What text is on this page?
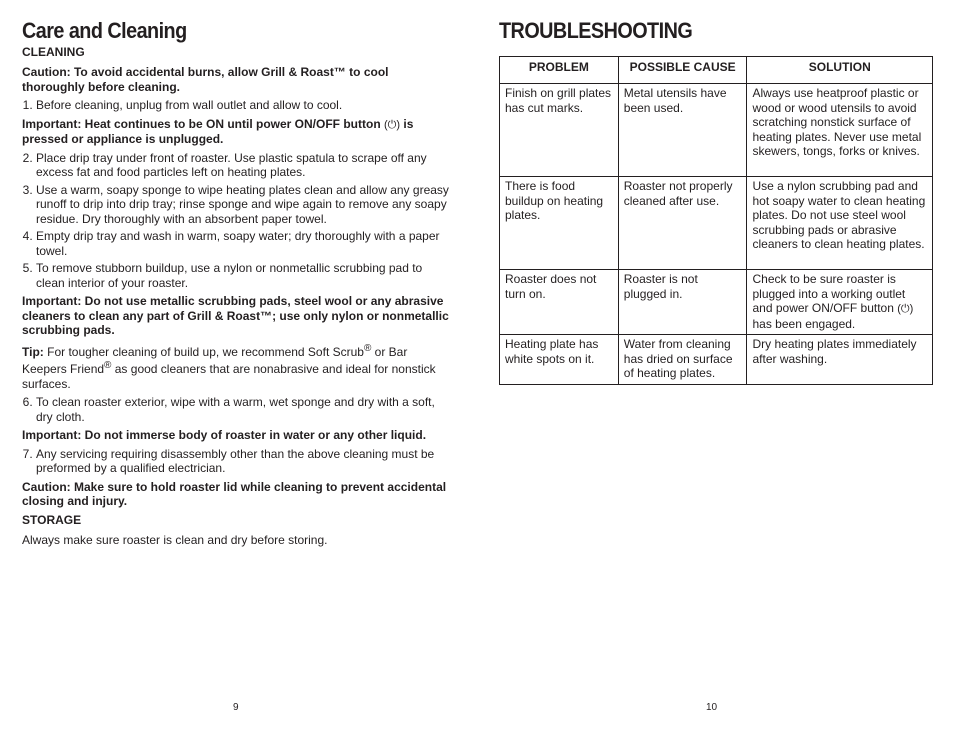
Care and Cleaning
CLEANING

Caution: To avoid accidental burns, allow Grill & Roast™ to cool thoroughly before cleaning.

1. Before cleaning, unplug from wall outlet and allow to cool.

Important: Heat continues to be ON until power ON/OFF button (⏻) is pressed or appliance is unplugged.

2. Place drip tray under front of roaster. Use plastic spatula to scrape off any excess fat and food particles left on heating plates.
3. Use a warm, soapy sponge to wipe heating plates clean and allow any greasy runoff to drip into drip tray; rinse sponge and wipe again to remove any soapy residue. Dry thoroughly with an absorbent paper towel.
4. Empty drip tray and wash in warm, soapy water; dry thoroughly with a paper towel.
5. To remove stubborn buildup, use a nylon or nonmetallic scrubbing pad to clean interior of your roaster.

Important: Do not use metallic scrubbing pads, steel wool or any abrasive cleaners to clean any part of Grill & Roast™; use only nylon or nonmetallic scrubbing pads.

Tip: For tougher cleaning of build up, we recommend Soft Scrub® or Bar Keepers Friend® as good cleaners that are nonabrasive and ideal for nonstick surfaces.

6. To clean roaster exterior, wipe with a warm, wet sponge and dry with a soft, dry cloth.

Important: Do not immerse body of roaster in water or any other liquid.

7. Any servicing requiring disassembly other than the above cleaning must be preformed by a qualified electrician.

Caution: Make sure to hold roaster lid while cleaning to prevent accidental closing and injury.

STORAGE

Always make sure roaster is clean and dry before storing.

TROUBLESHOOTING
PROBLEM	POSSIBLE CAUSE	SOLUTION
Finish on grill plates has cut marks.	Metal utensils have been used.	Always use heatproof plastic or wood or wood utensils to avoid scratching nonstick surface of heating plates. Never use metal skewers, tongs, forks or knives.
There is food buildup on heating plates.	Roaster not properly cleaned after use.	Use a nylon scrubbing pad and hot soapy water to clean heating plates. Do not use steel wool scrubbing pads or abrasive cleaners to clean heating plates.
Roaster does not turn on.	Roaster is not plugged in.	Check to be sure roaster is plugged into a working outlet and power ON/OFF button (⏻) has been engaged.
Heating plate has white spots on it.	Water from cleaning has dried on surface of heating plates.	Dry heating plates immediately after washing.
9	10
